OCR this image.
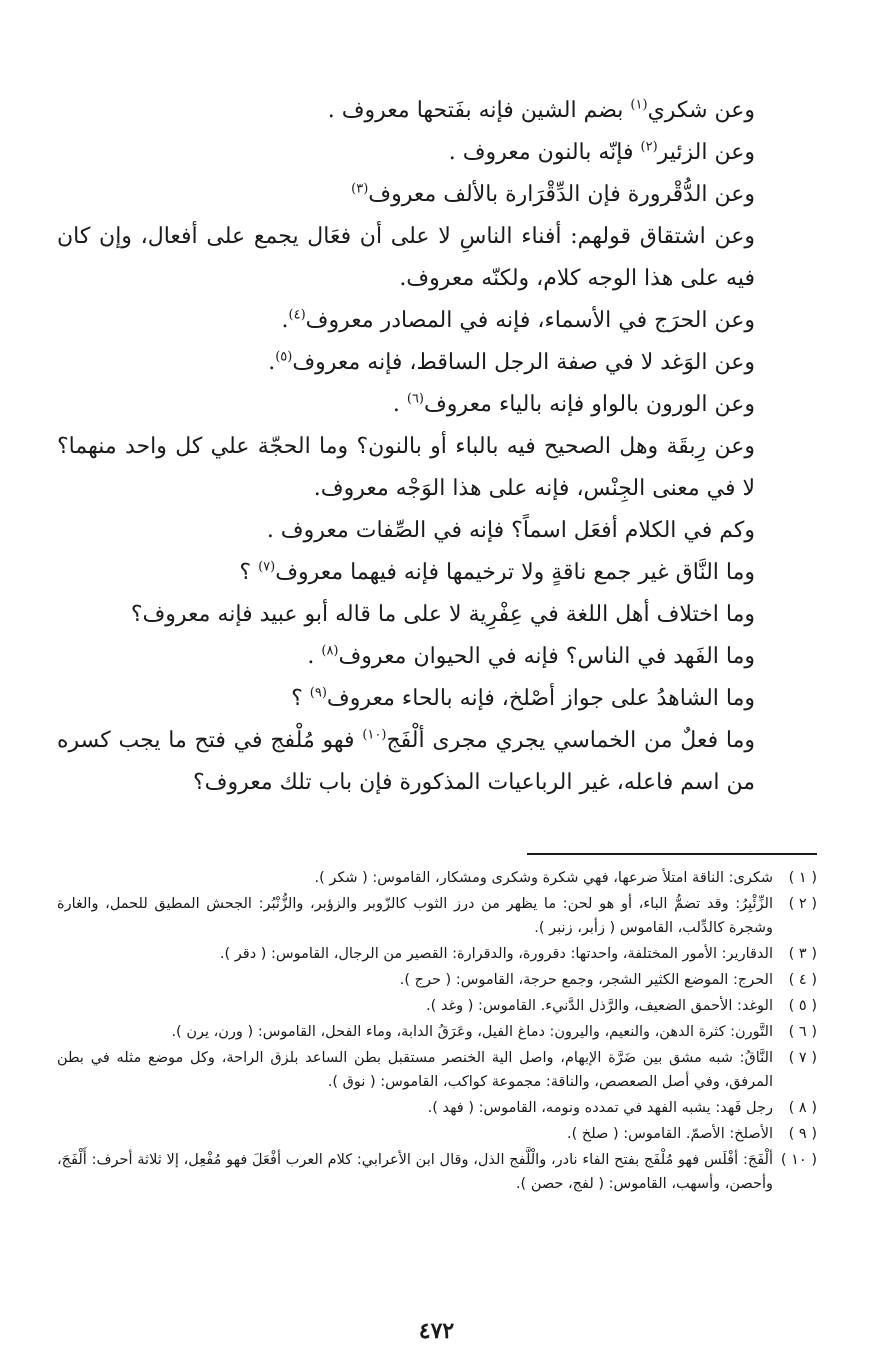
وعن شكري$^{(١)}$ بضم الشين فإنه بفَتحها معروف .

وعن الزئير$^{(٢)}$ فإنّه بالنون معروف .

وعن الدُّقْرورة فإن الدِّقْرَارة بالألف معروف$^{(٣)}$

وعن اشتقاق قولهم: أفناء الناسِ لا على أن فعَال يجمع على أفعال، وإن كان فيه على هذا الوجه كلام، ولكنّه معروف.

وعن الحرَج في الأسماء، فإنه في المصادر معروف$^{(٤)}$.

وعن الوَغد لا في صفة الرجل الساقط، فإنه معروف$^{(٥)}$.

وعن الورون بالواو فإنه بالياء معروف$^{(٦)}$ .

وعن رِبقَة وهل الصحيح فيه بالباء أو بالنون؟ وما الحجّة علي كل واحد منهما؟ لا في معنى الجِنْس، فإنه على هذا الوَجْه معروف.

وكم في الكلام أفعَل اسماً؟ فإنه في الصِّفات معروف .

وما النَّاق غير جمع ناقةٍ ولا ترخيمها فإنه فيهما معروف$^{(٧)}$ ؟

وما اختلاف أهل اللغة في عِفْرِية لا على ما قاله أبو عبيد فإنه معروف؟

وما الفَهد في الناس؟ فإنه في الحيوان معروف$^{(٨)}$ .

وما الشاهدُ على جواز أصْلخ، فإنه بالحاء معروف$^{(٩)}$ ؟

وما فعلٌ من الخماسي يجري مجرى ألْفَج$^{(١٠)}$ فهو مُلْفج في فتح ما يجب كسره من اسم فاعله، غير الرباعيات المذكورة فإن باب تلك معروف؟

( ١ )
شكرى: الناقة امتلأ ضرعها، فهي شكرة وشكرى ومشكار، القاموس: ( شكر ).
( ٢ )
الزِّئْبِرُ: وقد تضمُّ الباء، أو هو لحن: ما يظهر من درز الثوب كالزّوبر والزؤبر، والزُّنْبُر: الجحش المطيق للحمل، والغارة وشجرة كالدِّلب، القاموس ( زأبر، زنبر ).
( ٣ )
الدقارير: الأمور المختلفة، واحدتها: دقرورة، والدقرارة: القصير من الرجال، القاموس: ( دقر ).
( ٤ )
الحرج: الموضع الكثير الشجر، وجمع حرجة، القاموس: ( حرج ).
( ٥ )
الوغد: الأحمق الضعيف، والرَّذل الدَّنيء. القاموس: ( وغد ).
( ٦ )
التَّورن: كثرة الدهن، والنعيم، واليرون: دماغ الفيل، وعَرَقُ الدابة، وماء الفحل، القاموس: ( ورن، يرن ).
( ٧ )
النَّاقُ: شبه مشق بين ضَرَّة الإبهام، واصل الية الخنصر مستقبل بطن الساعد بلزق الراحة، وكل موضع مثله في بطن المرفق، وفي أصل الصعصص، والناقة: مجموعة كواكب، القاموس: ( نوق ).
( ٨ )
رجل فَهد: يشبه الفهد في تمدده ونومه، القاموس: ( فهد ).
( ٩ )
الأصلخ: الأصمّ. القاموس: ( صلخ ).
( ١٠ )
ألْفَجَ: أفْلَس فهو مُلْفَج بفتح الفاء نادر، والْلَّفج الذل، وقال ابن الأعرابي: كلام العرب أفْعَلَ فهو مُفْعِل، إلا ثلاثة أحرف: أَلْفَجَ، وأحصن، وأسهب، القاموس: ( لفج، حصن ).
٤٧٢
